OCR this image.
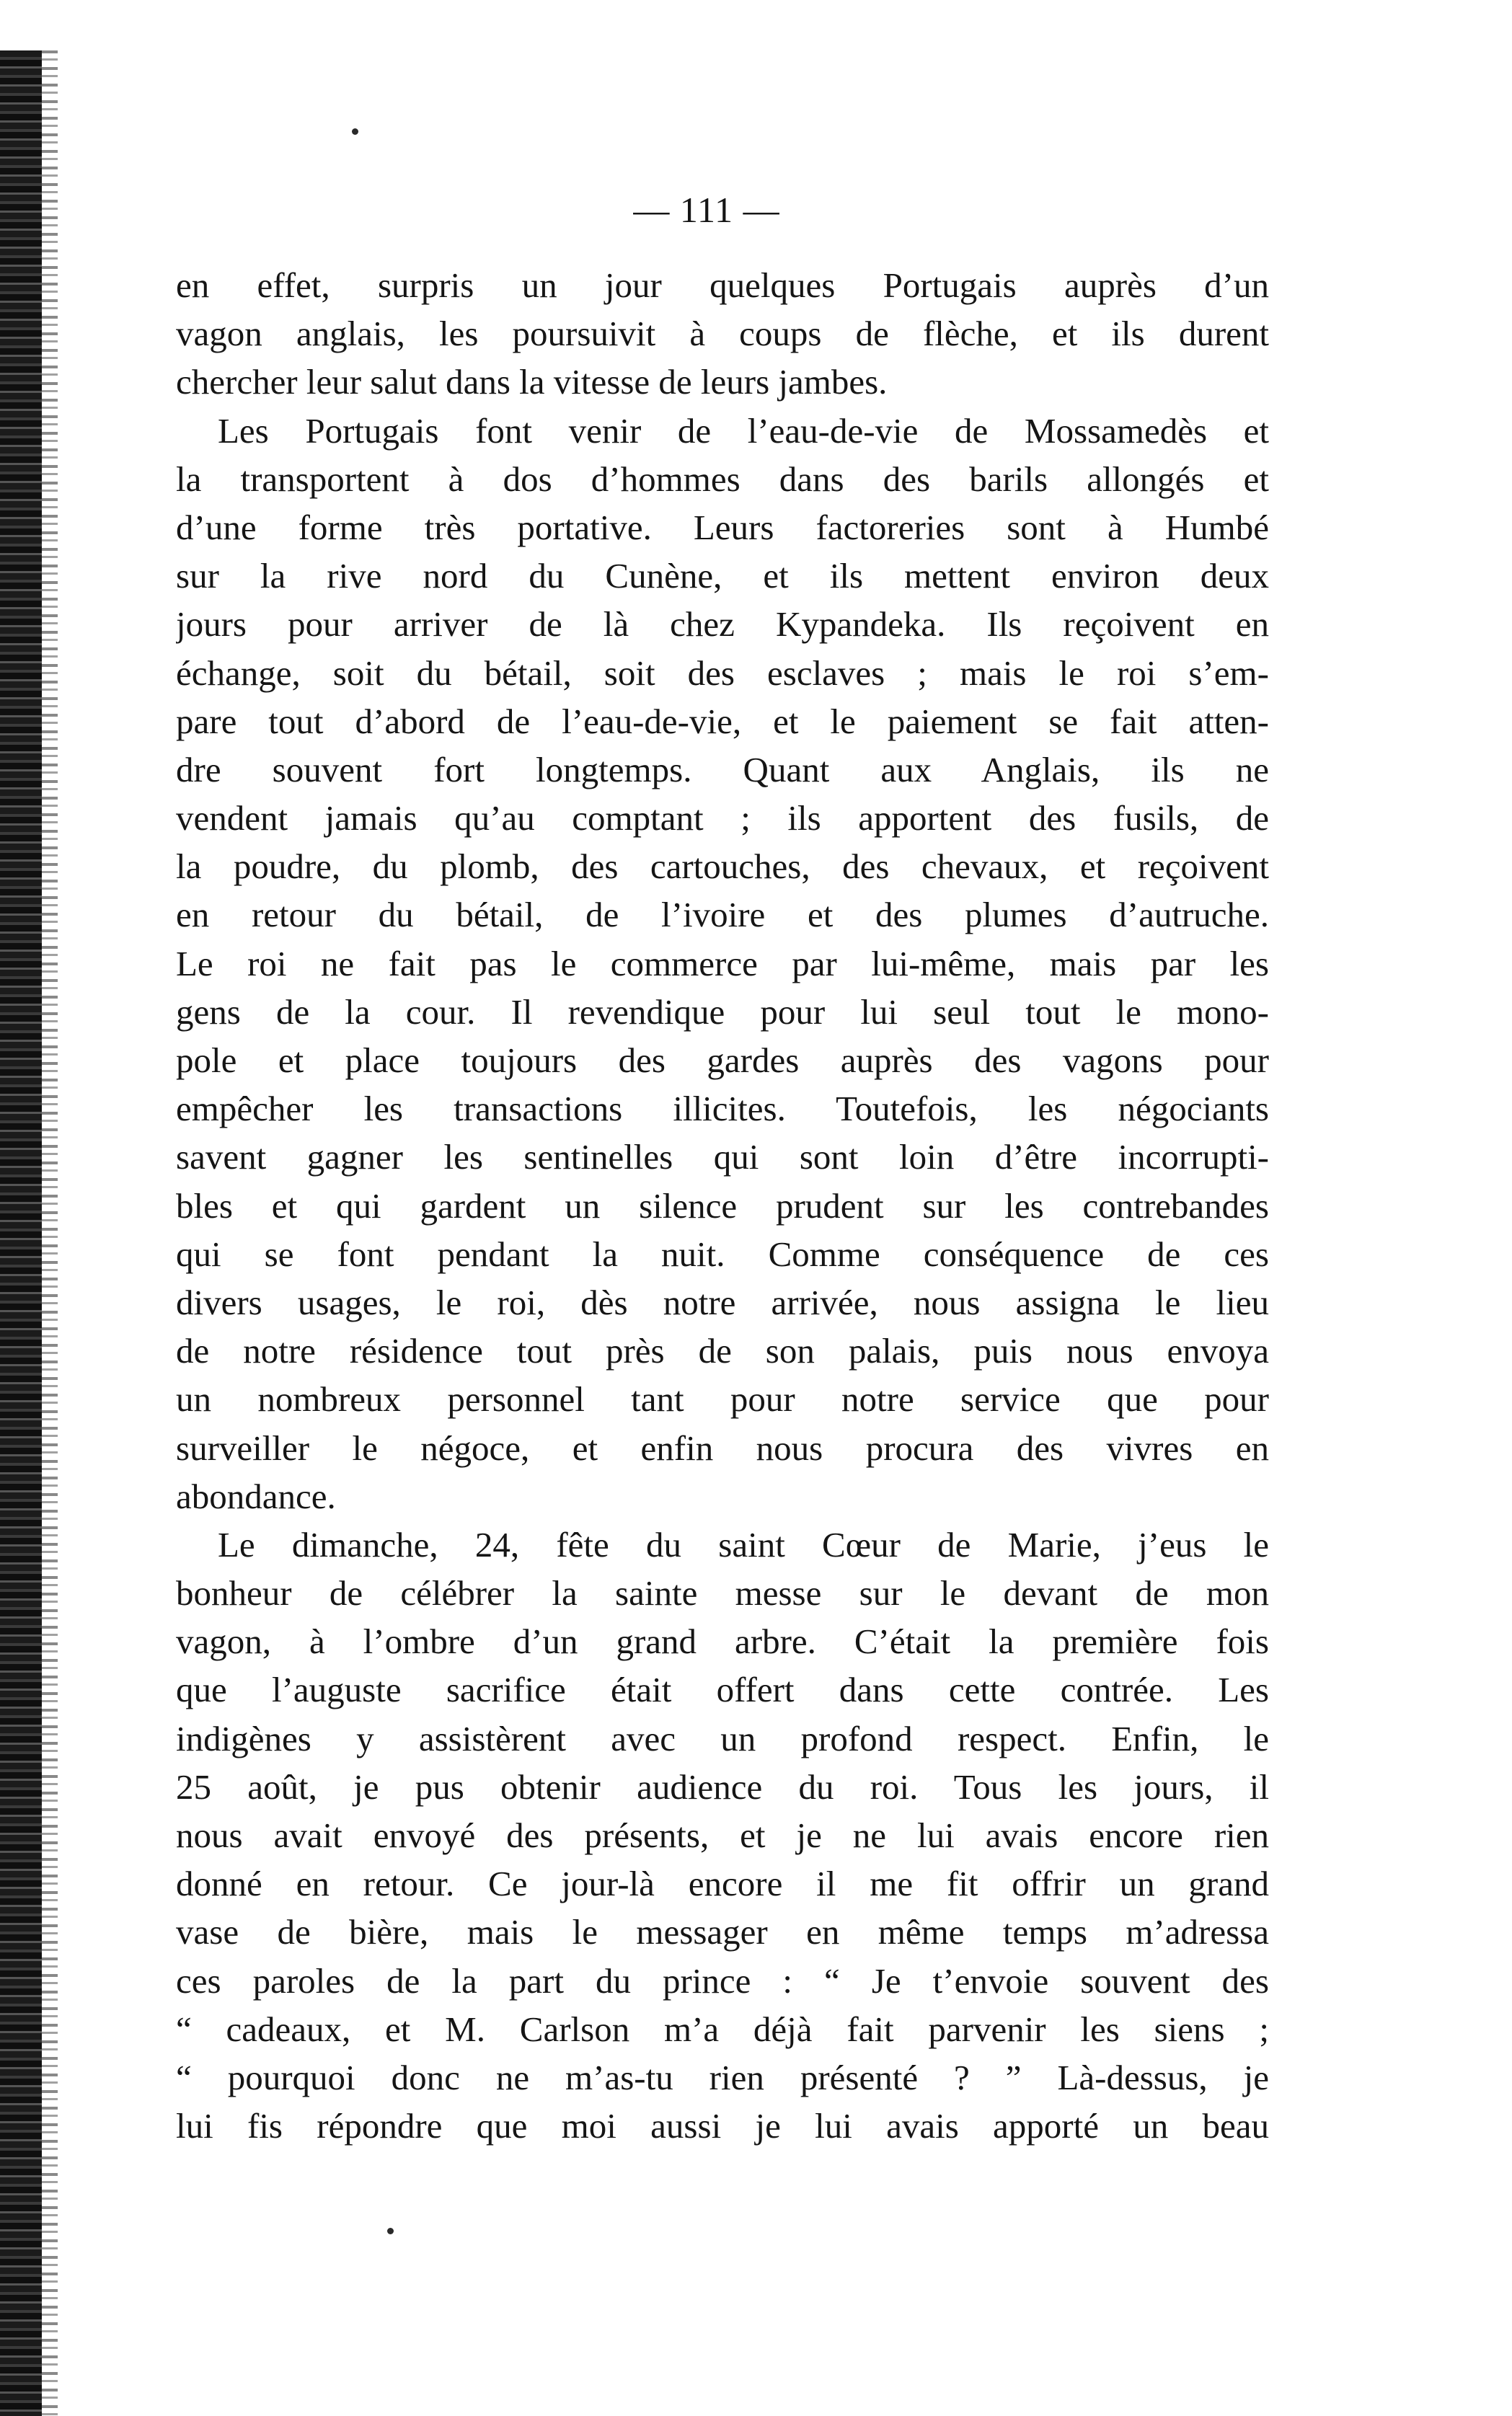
— 111 —
en effet, surpris un jour quelques Portugais auprès d’un
vagon anglais, les poursuivit à coups de flèche, et ils durent
chercher leur salut dans la vitesse de leurs jambes.
Les Portugais font venir de l’eau-de-vie de Mossamedès et
la transportent à dos d’hommes dans des barils allongés et
d’une forme très portative. Leurs factoreries sont à Humbé
sur la rive nord du Cunène, et ils mettent environ deux
jours pour arriver de là chez Kypandeka. Ils reçoivent en
échange, soit du bétail, soit des esclaves ; mais le roi s’em-
pare tout d’abord de l’eau-de-vie, et le paiement se fait atten-
dre souvent fort longtemps. Quant aux Anglais, ils ne
vendent jamais qu’au comptant ; ils apportent des fusils, de
la poudre, du plomb, des cartouches, des chevaux, et reçoivent
en retour du bétail, de l’ivoire et des plumes d’autruche.
Le roi ne fait pas le commerce par lui-même, mais par les
gens de la cour. Il revendique pour lui seul tout le mono-
pole et place toujours des gardes auprès des vagons pour
empêcher les transactions illicites. Toutefois, les négociants
savent gagner les sentinelles qui sont loin d’être incorrupti-
bles et qui gardent un silence prudent sur les contrebandes
qui se font pendant la nuit. Comme conséquence de ces
divers usages, le roi, dès notre arrivée, nous assigna le lieu
de notre résidence tout près de son palais, puis nous envoya
un nombreux personnel tant pour notre service que pour
surveiller le négoce, et enfin nous procura des vivres en
abondance.
Le dimanche, 24, fête du saint Cœur de Marie, j’eus le
bonheur de célébrer la sainte messe sur le devant de mon
vagon, à l’ombre d’un grand arbre. C’était la première fois
que l’auguste sacrifice était offert dans cette contrée. Les
indigènes y assistèrent avec un profond respect. Enfin, le
25 août, je pus obtenir audience du roi. Tous les jours, il
nous avait envoyé des présents, et je ne lui avais encore rien
donné en retour. Ce jour-là encore il me fit offrir un grand
vase de bière, mais le messager en même temps m’adressa
ces paroles de la part du prince : “ Je t’envoie souvent des
“ cadeaux, et M. Carlson m’a déjà fait parvenir les siens ;
“ pourquoi donc ne m’as-tu rien présenté ? ” Là-dessus, je
lui fis répondre que moi aussi je lui avais apporté un beau
